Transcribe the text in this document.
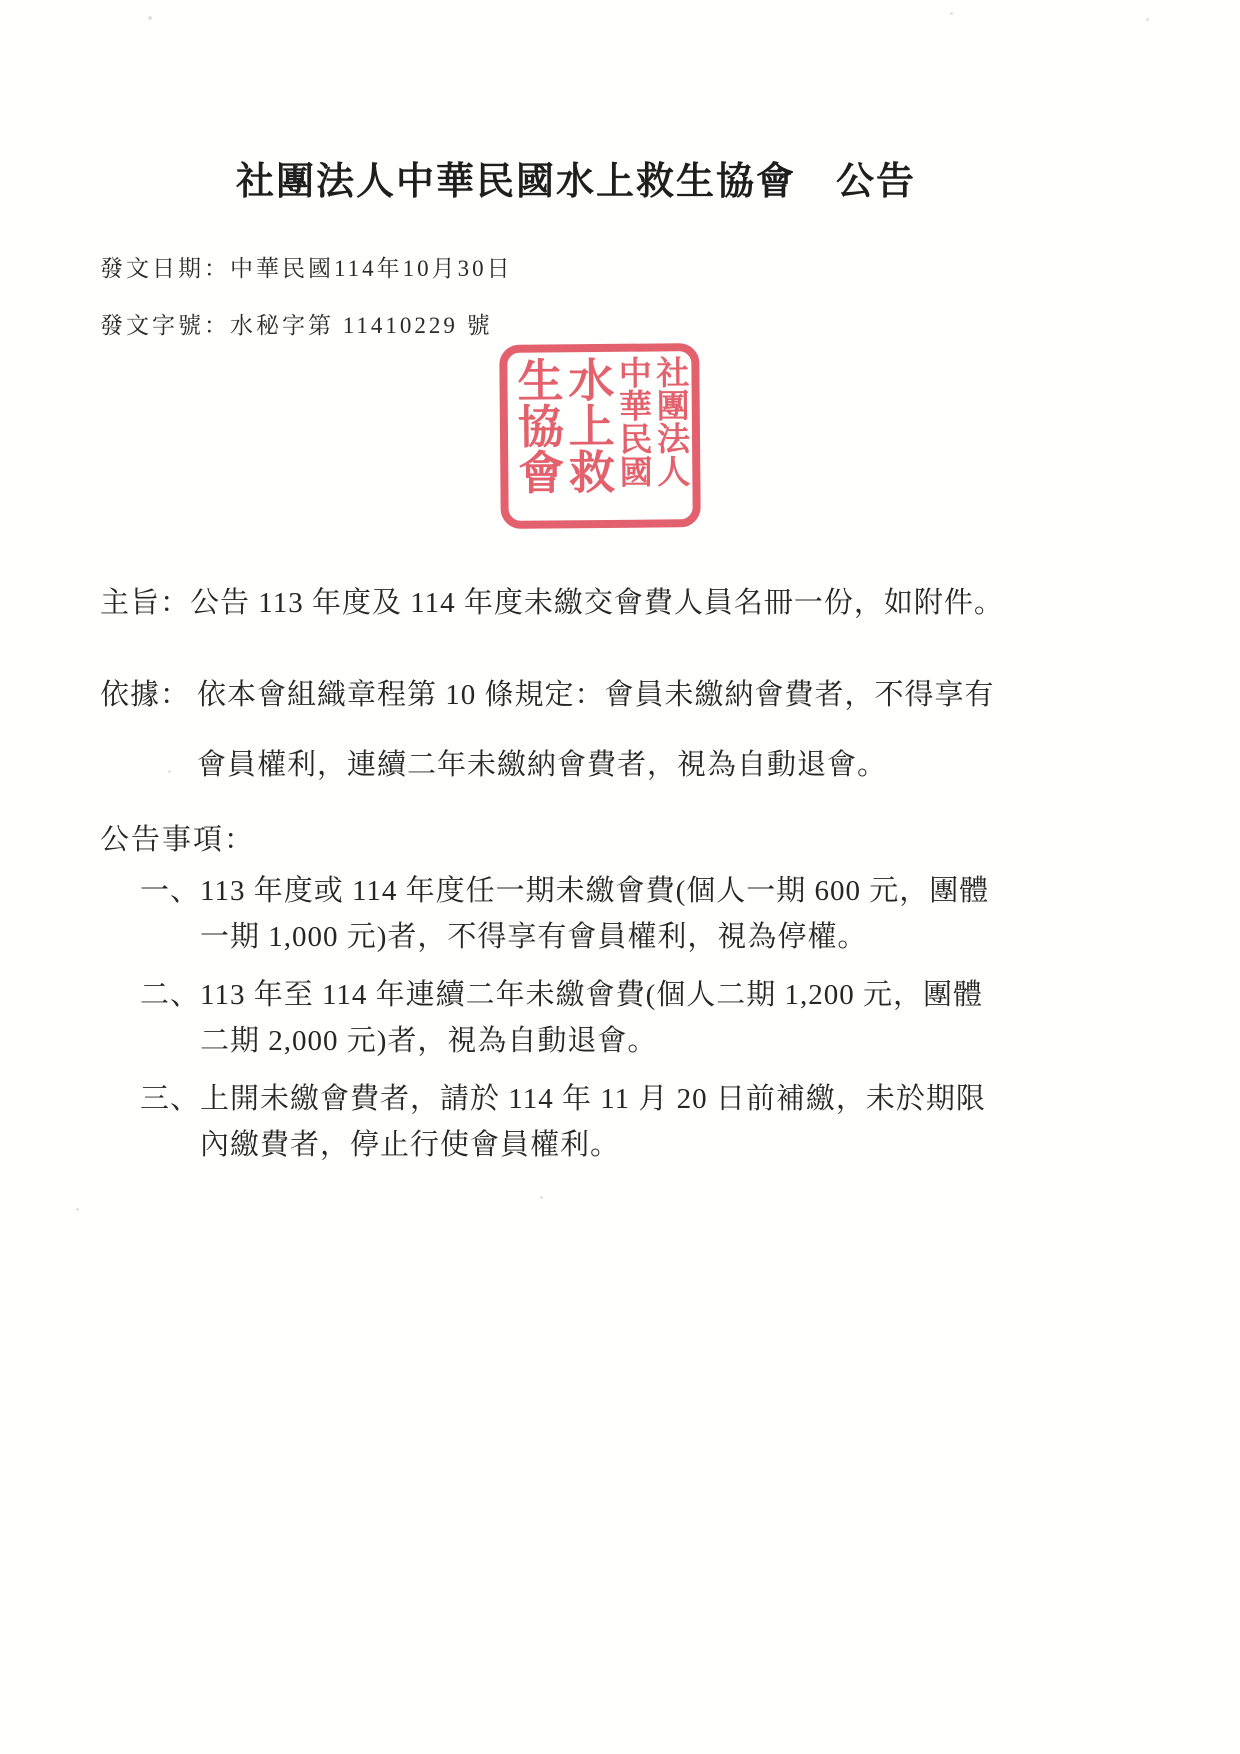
社團法人中華民國水上救生協會　公告
發文日期：中華民國114年10月30日
發文字號：水秘字第 11410229 號
生協會
水上救 中華民國 社團法人
主旨：公告 113 年度及 114 年度未繳交會費人員名冊一份，如附件。
依據： 依本會組織章程第 10 條規定：會員未繳納會費者，不得享有
會員權利，連續二年未繳納會費者，視為自動退會。
公告事項：
一、 113 年度或 114 年度任一期未繳會費(個人一期 600 元，團體
一期 1,000 元)者，不得享有會員權利，視為停權。
二、 113 年至 114 年連續二年未繳會費(個人二期 1,200 元，團體
二期 2,000 元)者，視為自動退會。
三、 上開未繳會費者，請於 114 年 11 月 20 日前補繳，未於期限
內繳費者，停止行使會員權利。
